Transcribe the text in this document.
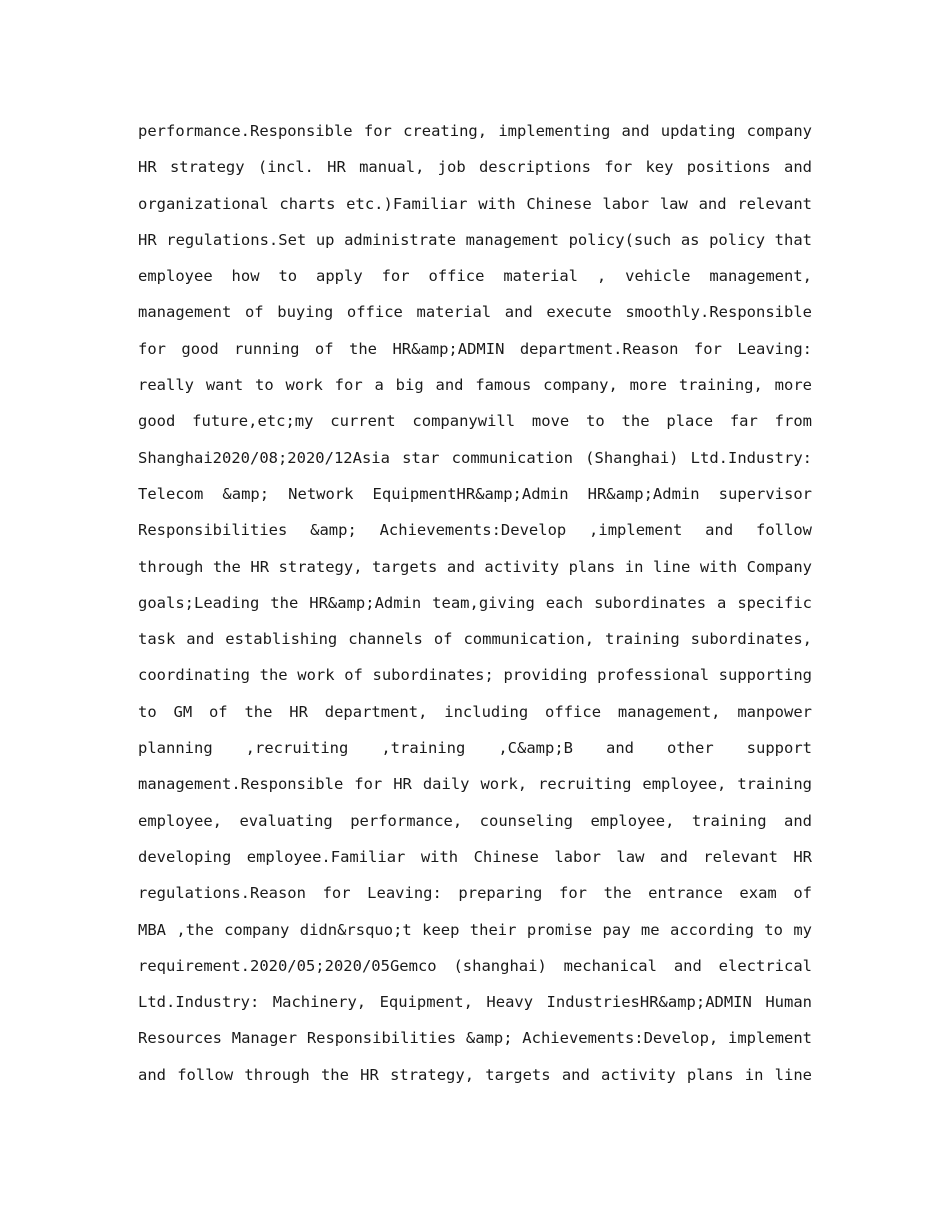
performance.Responsible for creating, implementing and updating company
HR strategy (incl. HR manual, job descriptions for key positions and
organizational charts etc.)Familiar with Chinese labor law and relevant
HR regulations.Set up administrate management policy(such as policy that
employee how to apply for office material , vehicle management,
management of buying office material and execute smoothly.Responsible
for good running of the HR&amp;ADMIN department.Reason for Leaving:
really want to work for a big and famous company, more training, more
good future,etc;my current companywill move to the place far from
Shanghai2020/08;2020/12Asia star communication (Shanghai) Ltd.Industry:
Telecom &amp; Network EquipmentHR&amp;Admin HR&amp;Admin supervisor
Responsibilities &amp; Achievements:Develop ,implement and follow
through the HR strategy, targets and activity plans in line with Company
goals;Leading the HR&amp;Admin team,giving each subordinates a specific
task and establishing channels of communication, training subordinates,
coordinating the work of subordinates; providing professional supporting
to GM of the HR department, including office management, manpower
planning ,recruiting ,training ,C&amp;B and other support
management.Responsible for HR daily work, recruiting employee, training
employee, evaluating performance, counseling employee, training and
developing employee.Familiar with Chinese labor law and relevant HR
regulations.Reason for Leaving: preparing for the entrance exam of
MBA ,the company didn&rsquo;t keep their promise pay me according to my
requirement.2020/05;2020/05Gemco (shanghai) mechanical and electrical
Ltd.Industry: Machinery, Equipment, Heavy IndustriesHR&amp;ADMIN Human
Resources Manager Responsibilities &amp; Achievements:Develop, implement
and follow through the HR strategy, targets and activity plans in line
